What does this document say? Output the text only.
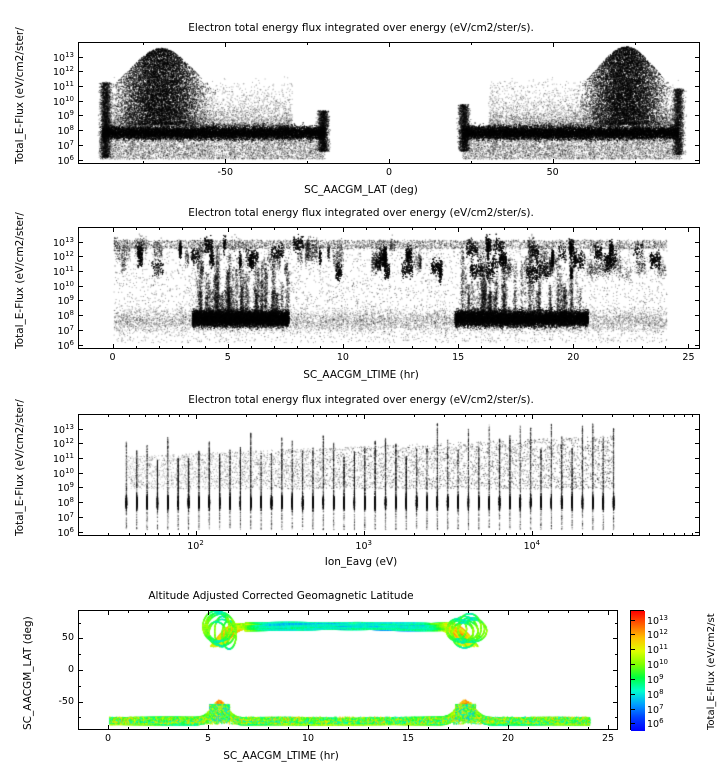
Electron total energy flux integrated over energy (eV/cm2/ster/s).
Total_E-Flux (eV/cm2/ster/
SC_AACGM_LAT (deg)
-50	0	50
$10^6$
$10^7$
$10^8$
$10^9$
$10^{10}$
$10^{11}$
$10^{12}$
$10^{13}$
Electron total energy flux integrated over energy (eV/cm2/ster/s).
Total_E-Flux (eV/cm2/ster/
SC_AACGM_LTIME (hr)
0	5	10	15	20	25
$10^6$
$10^7$
$10^8$
$10^9$
$10^{10}$
$10^{11}$
$10^{12}$
$10^{13}$
Electron total energy flux integrated over energy (eV/cm2/ster/s).
Total_E-Flux (eV/cm2/ster/
Ion_Eavg (eV)
$10^2$	$10^3$	$10^4$
$10^6$
$10^7$
$10^8$
$10^9$
$10^{10}$
$10^{11}$
$10^{12}$
$10^{13}$
Altitude Adjusted Corrected Geomagnetic Latitude
SC_AACGM_LAT (deg)
SC_AACGM_LTIME (hr)
0	5	10	15	20	25
-50
0
50	Total_E-Flux (eV/cm2/st
$10^6$
$10^7$
$10^8$
$10^9$
$10^{10}$
$10^{11}$
$10^{12}$
$10^{13}$
